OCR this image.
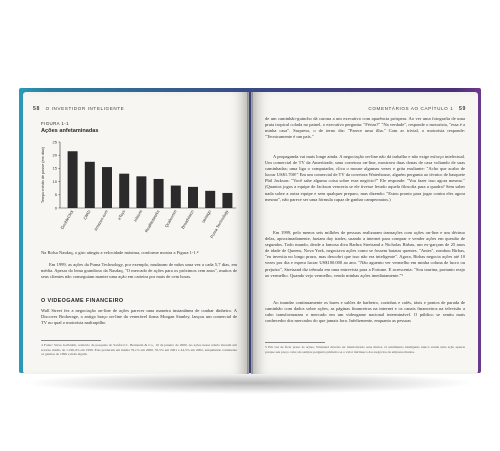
58 O INVESTIDOR INTELIGENTE
FIGURA 1-1
Ações anfetaminadas
0
5
10
15
20
25
Tempo médio de posse (em dias)
DoubleClick CMGI Amazon.com eToys Inktomi RealNetworks Qualcomm Broadvision Verisign
Puma Technology
Na Bolsa Nasdaq, o giro atingiu a velocidade máxima, conforme mostra a Figura 1-1.⁴
Em 1999, as ações da Puma Technology, por exemplo, mudaram de mãos uma vez a cada 5,7 dias, em média. Apesar do lema grandioso da Nasdaq, "O mercado de ações para os próximos cem anos", muitos de seus clientes não conseguiam manter uma ação em carteira por mais de cem horas.
O VIDEOGAME FINANCEIRO
Wall Street fez a negociação on-line de ações parecer uma maneira instantânea de cunhar dinheiro. A Discover Brokerage, o antigo braço on-line da venerável firma Morgan Stanley, lançou um comercial de TV no qual o motorista maltrapilho
4 Fonte: Steve Galbraith, relatório de pesquisa do Sanford C. Bernstein & Co., 10 de janeiro de 2000. As ações nessa tabela tiveram um retorno médio de 1.196,4% em 1999. Elas perderam em média 79,1% em 2000, 35,5% em 2001 e 44,5% em 2002, aniquilando totalmente os ganhos de 1999 e mais algum.
COMENTÁRIOS AO CAPÍTULO 1 59
de um caminhão-guincho dá carona a um executivo com aparência próspera. Ao ver uma fotografia de uma praia tropical colada no painel, o executivo pergunta: "Férias?" "Na verdade", responde o motorista, "essa é a minha casa". Surpreso, o de terno diz: "Parece uma ilha." Com ar trivial, o motorista responde: "Tecnicamente é um país."
A propaganda vai mais longe ainda. A negociação on-line não dá trabalho e não exige esforço intelectual. Um comercial de TV da Ameritrade, uma corretora on-line, mostrava duas donas de casa voltando de suas caminhadas; uma liga o computador, clica o mouse algumas vezes e grita exultante: "Acho que acabo de lucrar US$1.700!" Em um comercial de TV da corretora Waterhouse, alguém pergunta ao técnico de basquete Phil Jackson: "Você sabe alguma coisa sobre esse negócio?" Ele responde: "Vou fazer isso agora mesmo." (Quantos jogos a equipe de Jackson venceria se ele tivesse levado aquela filosofia para a quadra? Sem saber nada sobre a outra equipe e sem qualquer preparo, mas dizendo: "Estou pronto para jogar contra eles agora mesmo", não parece ser uma fórmula capaz de ganhar campeonatos.)
Em 1999, pelo menos seis milhões de pessoas realizaram transações com ações on-line e um décimo delas, aproximadamente, faziam day trades, usando a internet para comprar e vender ações em questão de segundos. Todo mundo, desde a famosa diva Barbra Streisand a Nicholas Birbas, um ex-garçom de 25 anos de idade de Queens, Nova York, negociava ações como se fossem batatas quentes. "Antes", zombou Birbas, "eu investia no longo prazo, mas descobri que isso não era inteligente". Agora, Birbas negocia ações até 10 vezes por dia e espera lucrar US$100.000 ao ano. "Não aguento ver vermelho em minha coluna de lucro ou prejuízo", Streisand diz trêmula em uma entrevista para a Fortune. E acrescenta: "Sou taurina, portanto reajo ao vermelho. Quando vejo vermelho, vendo minhas ações imediatamente."⁵
Ao inundar continuamente os bares e salões de barbeiro, cozinhas e cafés, táxis e pontos de parada de caminhão com dados sobre ações, as páginas financeiras na internet e os canais financeiros na televisão a cabo transformaram o mercado em um videogame nacional interminável. O público se sentiu mais conhecedor dos mercados do que jamais fora. Infelizmente, enquanto as pessoas
5 Em vez de ficar preso às ações, Streisand deveria ter interiorizado seus títulos. O sentimento inteligente nunca vende uma ação apenas porque seu preço caiu; ele sempre pergunta primeiro se o valor intrínseco dos negócios da empresa mudou.
